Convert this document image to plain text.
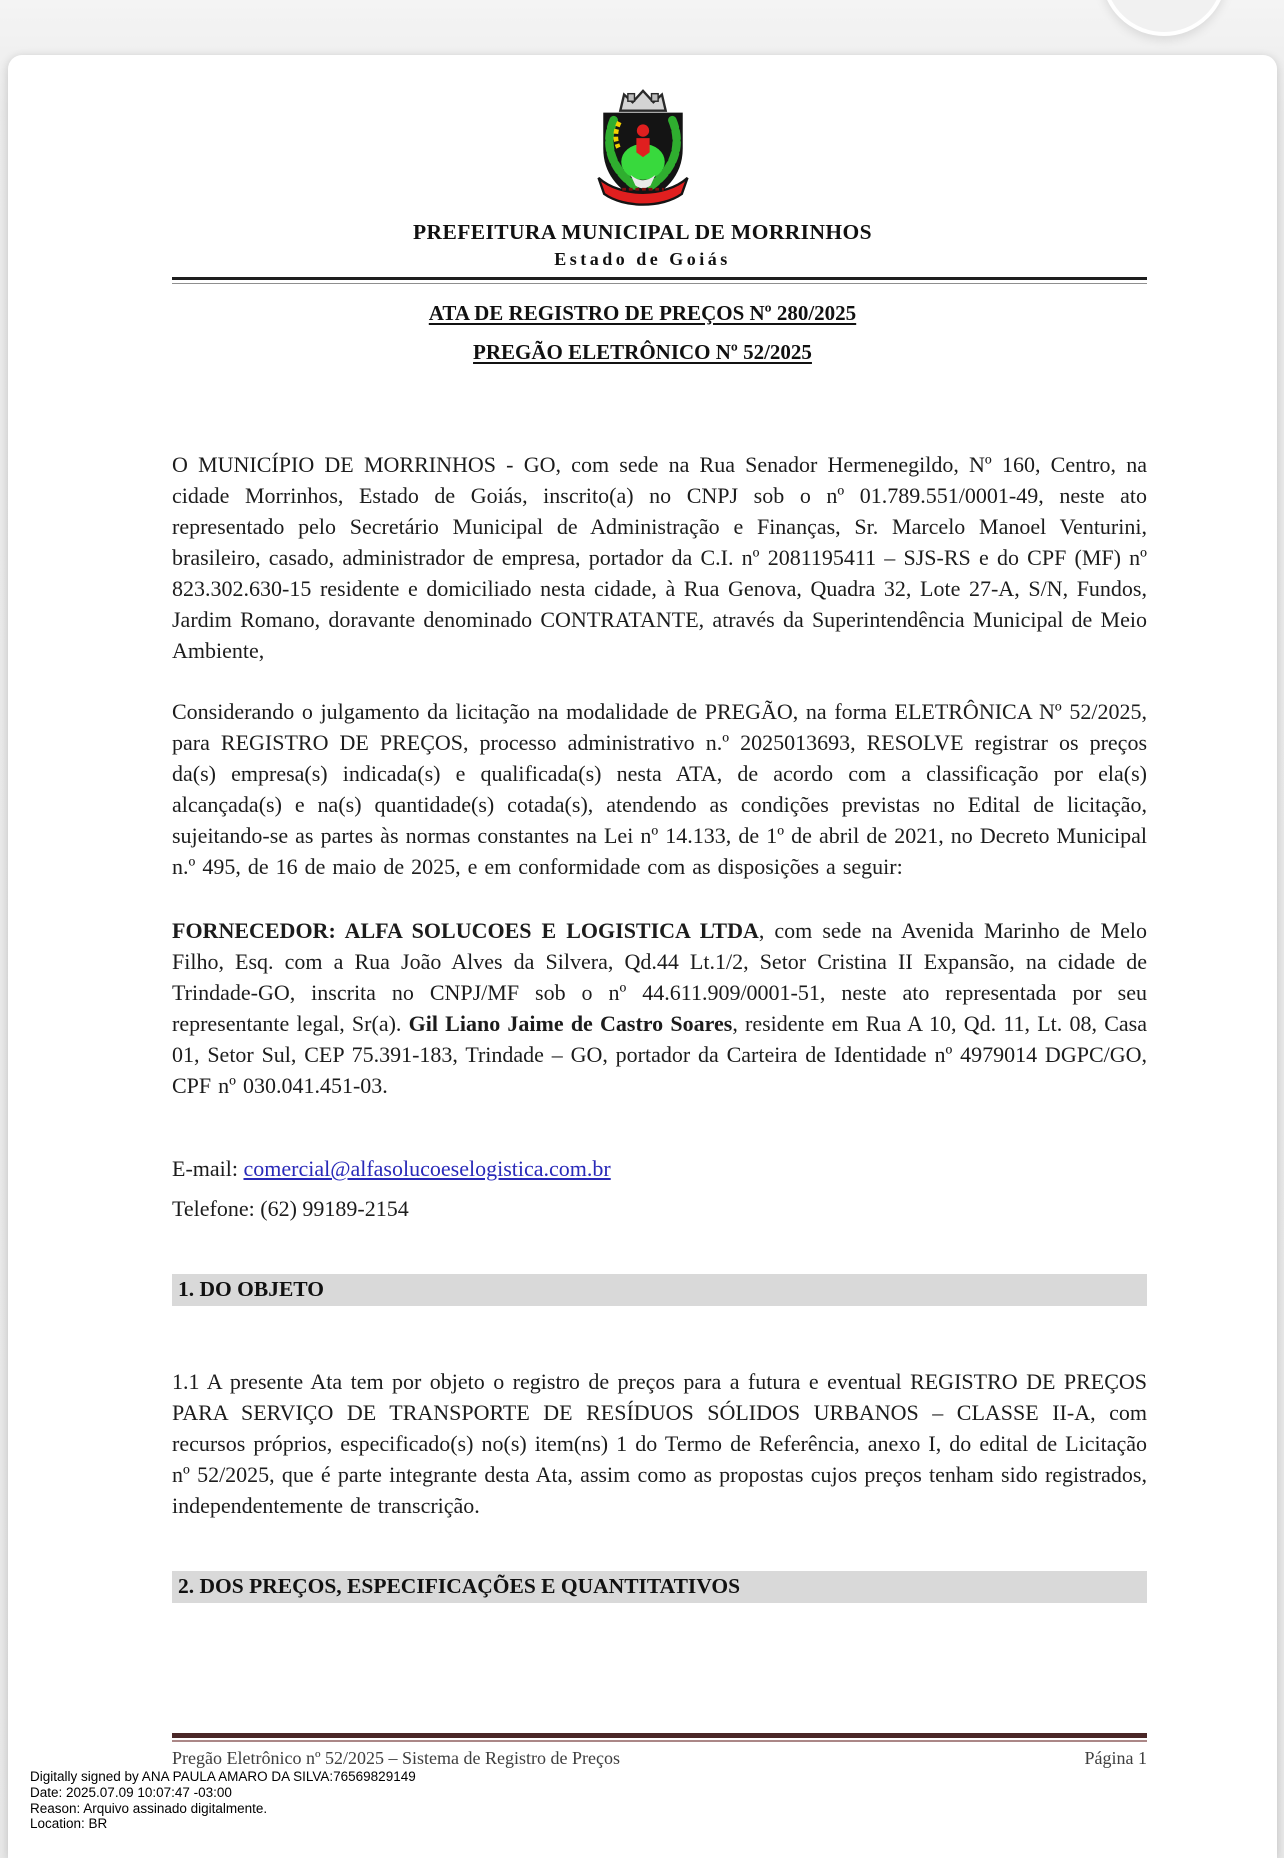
PREFEITURA MUNICIPAL DE MORRINHOS
Estado de Goiás
ATA DE REGISTRO DE PREÇOS Nº 280/2025
PREGÃO ELETRÔNICO Nº 52/2025

O MUNICÍPIO DE MORRINHOS - GO, com sede na Rua Senador Hermenegildo, Nº 160, Centro, na cidade Morrinhos, Estado de Goiás, inscrito(a) no CNPJ sob o nº 01.789.551/0001-49, neste ato representado pelo Secretário Municipal de Administração e Finanças, Sr. Marcelo Manoel Venturini, brasileiro, casado, administrador de empresa, portador da C.I. nº 2081195411 – SJS-RS e do CPF (MF) nº 823.302.630-15 residente e domiciliado nesta cidade, à Rua Genova, Quadra 32, Lote 27-A, S/N, Fundos, Jardim Romano, doravante denominado CONTRATANTE, através da Superintendência Municipal de Meio Ambiente,

Considerando o julgamento da licitação na modalidade de PREGÃO, na forma ELETRÔNICA Nº 52/2025, para REGISTRO DE PREÇOS, processo administrativo n.º 2025013693, RESOLVE registrar os preços da(s) empresa(s) indicada(s) e qualificada(s) nesta ATA, de acordo com a classificação por ela(s) alcançada(s) e na(s) quantidade(s) cotada(s), atendendo as condições previstas no Edital de licitação, sujeitando-se as partes às normas constantes na Lei nº 14.133, de 1º de abril de 2021, no Decreto Municipal n.º 495, de 16 de maio de 2025, e em conformidade com as disposições a seguir:

FORNECEDOR: ALFA SOLUCOES E LOGISTICA LTDA, com sede na Avenida Marinho de Melo Filho, Esq. com a Rua João Alves da Silvera, Qd.44 Lt.1/2, Setor Cristina II Expansão, na cidade de Trindade-GO, inscrita no CNPJ/MF sob o nº 44.611.909/0001-51, neste ato representada por seu representante legal, Sr(a). Gil Liano Jaime de Castro Soares, residente em Rua A 10, Qd. 11, Lt. 08, Casa 01, Setor Sul, CEP 75.391-183, Trindade – GO, portador da Carteira de Identidade nº 4979014 DGPC/GO, CPF nº 030.041.451-03.

E-mail: comercial@alfasolucoeselogistica.com.br
Telefone: (62) 99189-2154
1. DO OBJETO

1.1 A presente Ata tem por objeto o registro de preços para a futura e eventual REGISTRO DE PREÇOS PARA SERVIÇO DE TRANSPORTE DE RESÍDUOS SÓLIDOS URBANOS – CLASSE II-A, com recursos próprios, especificado(s) no(s) item(ns) 1 do Termo de Referência, anexo I, do edital de Licitação nº 52/2025, que é parte integrante desta Ata, assim como as propostas cujos preços tenham sido registrados, independentemente de transcrição.

2. DOS PREÇOS, ESPECIFICAÇÕES E QUANTITATIVOS
Pregão Eletrônico nº 52/2025 – Sistema de Registro de Preços	Página 1
Digitally signed by ANA PAULA AMARO DA SILVA:76569829149
Date: 2025.07.09 10:07:47 -03:00
Reason: Arquivo assinado digitalmente.
Location: BR
